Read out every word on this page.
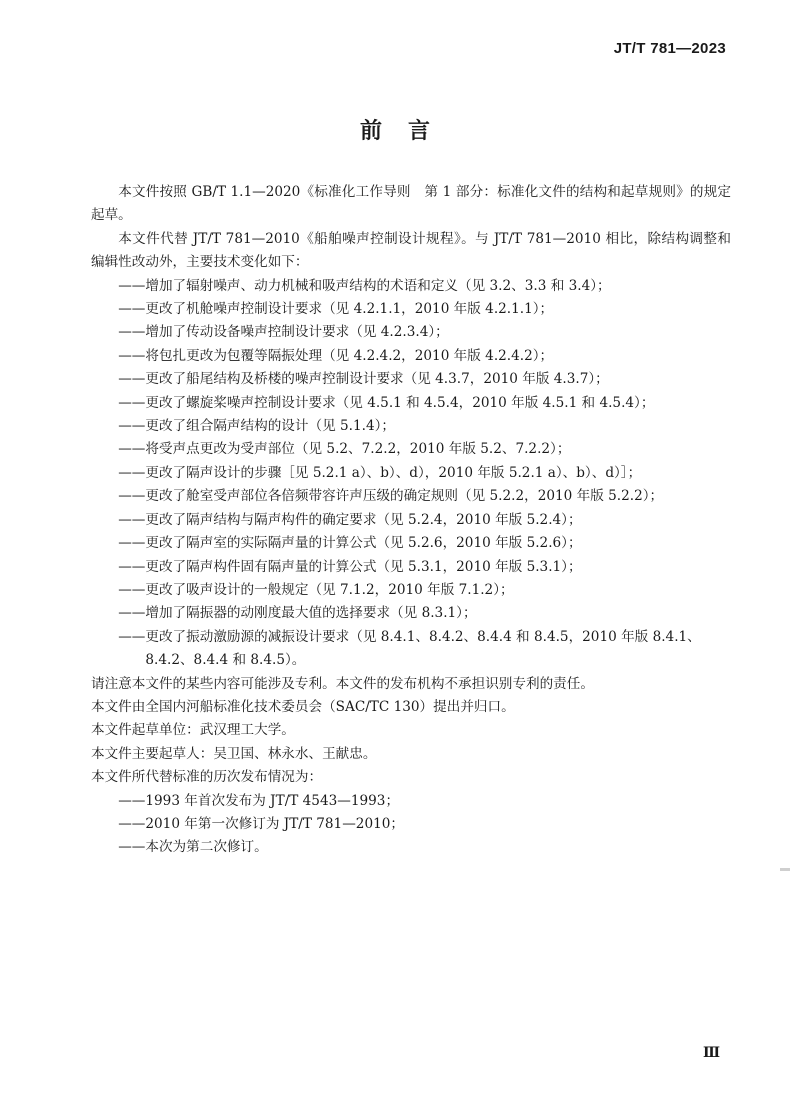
JT/T 781—2023
前言

本文件按照 GB/T 1.1—2020《标准化工作导则　第 1 部分：标准化文件的结构和起草规则》的规定起草。

本文件代替 JT/T 781—2010《船舶噪声控制设计规程》。与 JT/T 781—2010 相比，除结构调整和编辑性改动外，主要技术变化如下：

——增加了辐射噪声、动力机械和吸声结构的术语和定义（见 3.2、3.3 和 3.4）；

——更改了机舱噪声控制设计要求（见 4.2.1.1，2010 年版 4.2.1.1）；

——增加了传动设备噪声控制设计要求（见 4.2.3.4）；

——将包扎更改为包覆等隔振处理（见 4.2.4.2，2010 年版 4.2.4.2）；

——更改了船尾结构及桥楼的噪声控制设计要求（见 4.3.7，2010 年版 4.3.7）；

——更改了螺旋桨噪声控制设计要求（见 4.5.1 和 4.5.4，2010 年版 4.5.1 和 4.5.4）；

——更改了组合隔声结构的设计（见 5.1.4）；

——将受声点更改为受声部位（见 5.2、7.2.2，2010 年版 5.2、7.2.2）；

——更改了隔声设计的步骤［见 5.2.1 a）、b）、d），2010 年版 5.2.1 a）、b）、d）］；

——更改了舱室受声部位各倍频带容许声压级的确定规则（见 5.2.2，2010 年版 5.2.2）；

——更改了隔声结构与隔声构件的确定要求（见 5.2.4，2010 年版 5.2.4）；

——更改了隔声室的实际隔声量的计算公式（见 5.2.6，2010 年版 5.2.6）；

——更改了隔声构件固有隔声量的计算公式（见 5.3.1，2010 年版 5.3.1）；

——更改了吸声设计的一般规定（见 7.1.2，2010 年版 7.1.2）；

——增加了隔振器的动刚度最大值的选择要求（见 8.3.1）；

——更改了振动激励源的减振设计要求（见 8.4.1、8.4.2、8.4.4 和 8.4.5，2010 年版 8.4.1、8.4.2、8.4.4 和 8.4.5）。

请注意本文件的某些内容可能涉及专利。本文件的发布机构不承担识别专利的责任。

本文件由全国内河船标准化技术委员会（SAC/TC 130）提出并归口。

本文件起草单位：武汉理工大学。

本文件主要起草人：吴卫国、林永水、王献忠。

本文件所代替标准的历次发布情况为：

——1993 年首次发布为 JT/T 4543—1993；

——2010 年第一次修订为 JT/T 781—2010；

——本次为第二次修订。

Ⅲ
